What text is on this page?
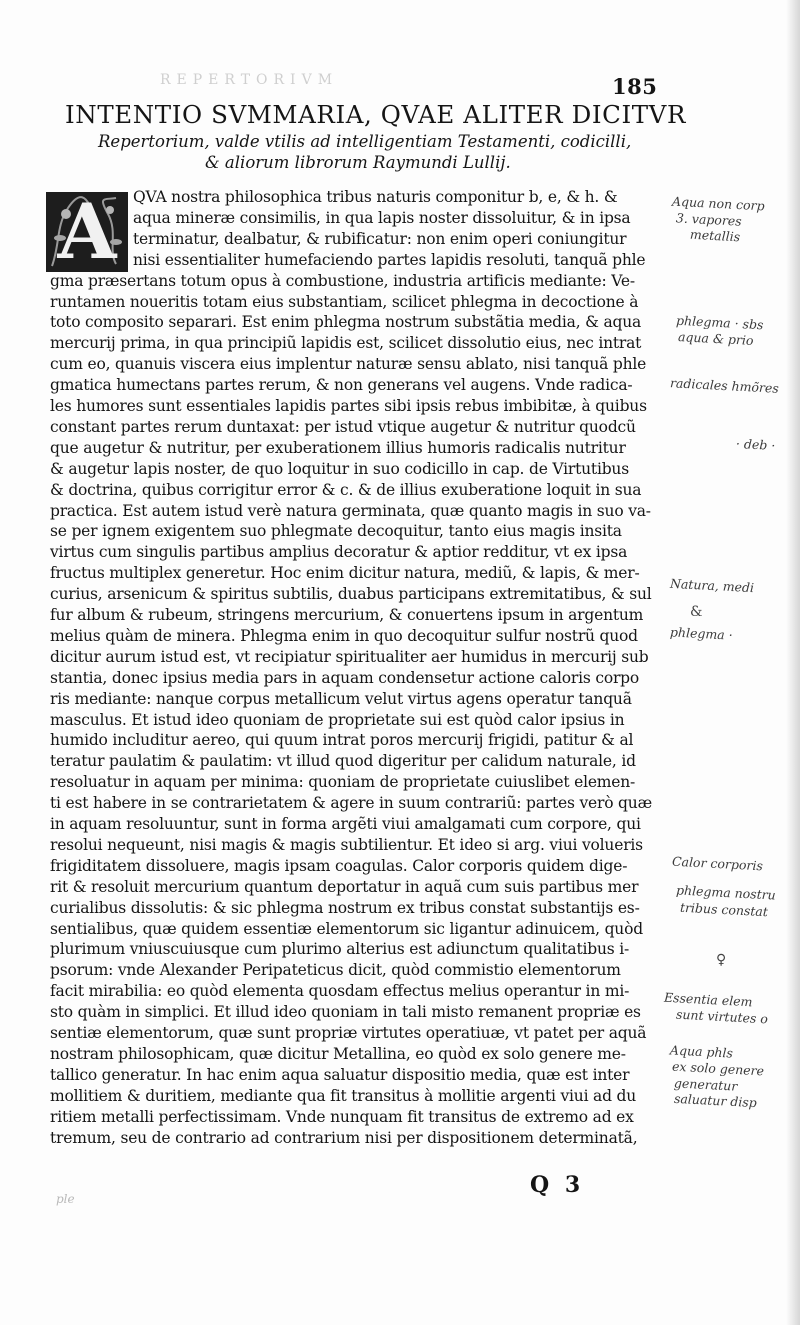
REPERTORIVM	185
INTENTIO SVMMARIA, QVAE ALITER DICITVR
Repertorium, valde vtilis ad intelligentiam Testamenti, codicilli,
& aliorum librorum Raymundi Lullij.
A QVA nostra philosophica tribus naturis componitur b, e, & h. &
aqua mineræ consimilis, in qua lapis noster dissoluitur, & in ipsa
terminatur, dealbatur, & rubificatur: non enim operi coniungitur
nisi essentialiter humefaciendo partes lapidis resoluti, tanquã phle
gma præsertans totum opus à combustione, industria artificis mediante: Ve-
runtamen noueritis totam eius substantiam, scilicet phlegma in decoctione à
toto composito separari. Est enim phlegma nostrum substãtia media, & aqua
mercurij prima, in qua principiũ lapidis est, scilicet dissolutio eius, nec intrat
cum eo, quanuis viscera eius implentur naturæ sensu ablato, nisi tanquã phle
gmatica humectans partes rerum, & non generans vel augens. Vnde radica-
les humores sunt essentiales lapidis partes sibi ipsis rebus imbibitæ, à quibus
constant partes rerum duntaxat: per istud vtique augetur & nutritur quodcũ
que augetur & nutritur, per exuberationem illius humoris radicalis nutritur
& augetur lapis noster, de quo loquitur in suo codicillo in cap. de Virtutibus
& doctrina, quibus corrigitur error & c. & de illius exuberatione loquit in sua
practica. Est autem istud verè natura germinata, quæ quanto magis in suo va-
se per ignem exigentem suo phlegmate decoquitur, tanto eius magis insita
virtus cum singulis partibus amplius decoratur & aptior redditur, vt ex ipsa
fructus multiplex generetur. Hoc enim dicitur natura, mediũ, & lapis, & mer-
curius, arsenicum & spiritus subtilis, duabus participans extremitatibus, & sul
fur album & rubeum, stringens mercurium, & conuertens ipsum in argentum
melius quàm de minera. Phlegma enim in quo decoquitur sulfur nostrũ quod
dicitur aurum istud est, vt recipiatur spiritualiter aer humidus in mercurij sub
stantia, donec ipsius media pars in aquam condensetur actione caloris corpo
ris mediante: nanque corpus metallicum velut virtus agens operatur tanquã
masculus. Et istud ideo quoniam de proprietate sui est quòd calor ipsius in
humido includitur aereo, qui quum intrat poros mercurij frigidi, patitur & al
teratur paulatim & paulatim: vt illud quod digeritur per calidum naturale, id
resoluatur in aquam per minima: quoniam de proprietate cuiuslibet elemen-
ti est habere in se contrarietatem & agere in suum contrariũ: partes verò quæ
in aquam resoluuntur, sunt in forma argẽti viui amalgamati cum corpore, qui
resolui nequeunt, nisi magis & magis subtilientur. Et ideo si arg. viui volueris
frigiditatem dissoluere, magis ipsam coagulas. Calor corporis quidem dige-
rit & resoluit mercurium quantum deportatur in aquã cum suis partibus mer
curialibus dissolutis: & sic phlegma nostrum ex tribus constat substantijs es-
sentialibus, quæ quidem essentiæ elementorum sic ligantur adinuicem, quòd
plurimum vniuscuiusque cum plurimo alterius est adiunctum qualitatibus i-
psorum: vnde Alexander Peripateticus dicit, quòd commistio elementorum
facit mirabilia: eo quòd elementa quosdam effectus melius operantur in mi-
sto quàm in simplici. Et illud ideo quoniam in tali misto remanent propriæ es
sentiæ elementorum, quæ sunt propriæ virtutes operatiuæ, vt patet per aquã
nostram philosophicam, quæ dicitur Metallina, eo quòd ex solo genere me-
tallico generatur. In hac enim aqua saluatur dispositio media, quæ est inter
mollitiem & duritiem, mediante qua fit transitus à mollitie argenti viui ad du
ritiem metalli perfectissimam. Vnde nunquam fit transitus de extremo ad ex
tremum, seu de contrario ad contrarium nisi per dispositionem determinatã,
Aqua non corp
3. vapores
metallis
phlegma · sbs
aqua & prio
radicales hmõres
· deb ·
Natura, medi
phlegma ·
Calor corporis
phlegma nostru
tribus constat
Essentia elem
sunt virtutes o
Aqua phls
ex solo genere
generatur
saluatur disp
♀
&
Q 3
ple
